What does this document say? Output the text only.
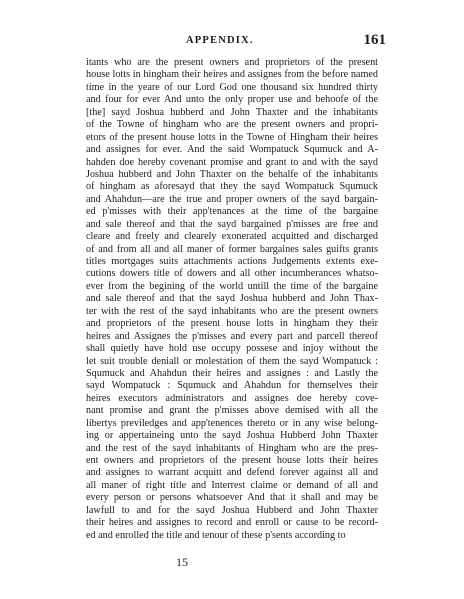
APPENDIX.	161
itants who are the present owners and proprietors of the present
house lotts in hingham their heires and assignes from the before named
time in the yeare of our Lord God one thousand six hundred thirty
and four for ever And unto the only proper use and behoofe of the
[the] sayd Joshua hubberd and John Thaxter and the inhabitants
of the Towne of hingham who are the present owners and propri-
etors of the present house lotts in the Towne of Hingham their heires
and assignes for ever. And the said Wompatuck Squmuck and A-
hahden doe hereby covenant promise and grant to and with the sayd
Joshua hubberd and John Thaxter on the behalfe of the inhabitants
of hingham as aforesayd that they the sayd Wompatuck Squmuck
and Ahahdun—are the true and proper owners of the sayd bargain-
ed p'misses with their app'tenances at the time of the bargaine
and sale thereof and that the sayd bargained p'misses are free and
cleare and freely and clearely exonerated acquitted and discharged
of and from all and all maner of former bargaines sales guifts grants
titles mortgages suits attachments actions Judgements extents exe-
cutions dowers title of dowers and all other incumberances whatso-
ever from the begining of the world untill the time of the bargaine
and sale thereof and that the sayd Joshua hubberd and John Thax-
ter with the rest of the sayd inhabitants who are the present owners
and proprietors of the present house lotts in hingham they their
heires and Assignes the p'misses and every part and parcell thereof
shall quietly have hold use occupy possese and injoy without the
let suit trouble deniall or molestation of them the sayd Wompatuck :
Squmuck and Ahahdun their heires and assignes : and Lastly the
sayd Wompatuck : Squmuck and Ahahdun for themselves their
heires executors administrators and assignes doe hereby cove-
nant promise and grant the p'misses above demised with all the
libertys previledges and app'tenences thereto or in any wise belong-
ing or appertaineing unto the sayd Joshua Hubberd John Thaxter
and the rest of the sayd inhabitants of Hingham who are the pres-
ent owners and proprietors of the present house lotts their heires
and assignes to warrant acquitt and defend forever against all and
all maner of right title and Interrest claime or demand of all and
every person or persons whatsoever And that it shall and may be
lawfull to and for the sayd Joshua Hubberd and John Thaxter
their heires and assignes to record and enroll or cause to be record-
ed and enrolled the title and tenour of these p'sents according to
15
